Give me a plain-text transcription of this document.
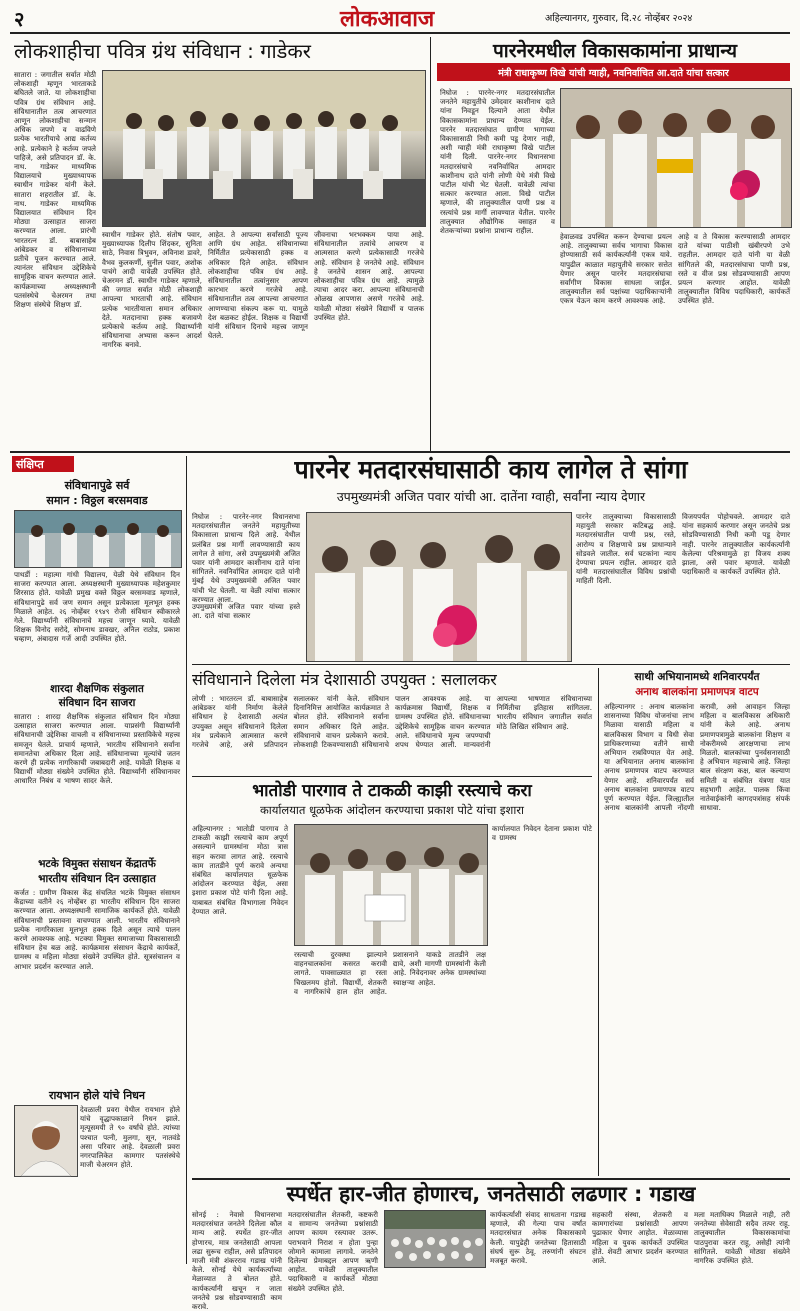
२	लोकआवाज	अहिल्यानगर, गुरुवार, दि.२८ नोव्हेंबर २०२४
लोकशाहीचा पवित्र ग्रंथ संविधान : गाडेकर
सातारा : जगातील सर्वात मोठी लोकशाही म्हणून भारताकडे बघितले जाते. या लोकशाहीचा पवित्र ग्रंथ संविधान आहे. संविधानातील तत्व आचरणात आणून लोकशाहीचा सन्मान अधिक जपणे व वाढविणे प्रत्येक भारतीयाचे आद्य कर्तव्य आहे. प्रत्येकाने हे कर्तव्य जपले पाहिजे, असे प्रतिपादन डॉ. के. नाथ. गाडेकर माध्यमिक विद्यालयाचे मुख्याध्यापक स्वाधीन गाडेकर यांनी केले. सातारा शहरातील डॉ. के. नाथ. गाडेकर माध्यमिक विद्यालयात संविधान दिन मोठ्या उत्साहात साजरा करण्यात आला. प्रारंभी भारतरत्न डॉ. बाबासाहेब आंबेडकर व संविधानाच्या प्रतीचे पूजन करण्यात आले. त्यानंतर संविधान उद्देशिकेचे सामूहिक वाचन करण्यात आले. कार्यक्रमाच्या अध्यक्षस्थानी पतसंस्थेचे चेअरमन तथा शिक्षण संस्थेचे शिक्षण डॉ.
स्वाधीन गाडेकर होते. संतोष पवार, मुख्याध्यापक दिलीप शिंदकर, सुनिता साठे, निवास त्रिभुवन, अविनाश डावरे, वैभव कुलकर्णी, सुनील पवार, अशोक पाचंगे आदी यावेळी उपस्थित होते. चेअरमन डॉ. स्वाधीन गाडेकर म्हणाले, की जगात सर्वात मोठी लोकशाही आपल्या भारताची आहे. संविधान प्रत्येक भारतीयाला समान अधिकार देते. मतदानाचा हक्क बजावणे प्रत्येकाचे कर्तव्य आहे. विद्यार्थ्यांनी संविधानाचा अभ्यास करून आदर्श नागरिक बनावे.
आहेत. ते आपल्या सर्वांसाठी पूज्य आणि ग्रंथ आहेत. संविधानाच्या निर्मितीत प्रत्येकासाठी हक्क व अधिकार दिले आहेत. संविधान लोकशाहीचा पवित्र ग्रंथ आहे. संविधानातील तत्वांनुसार आपण कारभार करणे गरजेचे आहे. संविधानातील तत्व आपल्या आचरणात आणण्याचा संकल्प करू या. यामुळे देश बळकट होईल. शिक्षक व विद्यार्थी यांनी संविधान दिनाचे महत्त्व जाणून घेतले.
जीवनाचा भरभक्कम पाया आहे. संविधानातील तत्वांचे आचरण व आत्मसात करणे प्रत्येकासाठी गरजेचे आहे. संविधान हे जनतेचे आहे. संविधान हे जनतेचे शासन आहे. आपल्या लोकशाहीचा पवित्र ग्रंथ आहे. त्यामुळे त्याचा आदर करा. आपल्या संविधानाची ओळख आपणास असणे गरजेचे आहे. यावेळी मोठ्या संख्येने विद्यार्थी व पालक उपस्थित होते.
पारनेरमधील विकासकामांना प्राधान्य
मंत्री राधाकृष्ण विखे यांची ग्वाही, नवनिर्वाचित आ.दाते यांचा सत्कार
निघोज : पारनेर-नगर मतदारसंघातील जनतेने महायुतीचे उमेदवार काशीनाथ दाते यांना निवडून दिल्याने आता येथील विकासकामांना प्राधान्य देण्यात येईल. पारनेर मतदारसंघात ग्रामीण भागाच्या विकासासाठी निधी कमी पडू देणार नाही, अशी ग्वाही मंत्री राधाकृष्ण विखे पाटील यांनी दिली. पारनेर-नगर विधानसभा मतदारसंघाचे नवनिर्वाचित आमदार काशीनाथ दाते यांनी लोणी येथे मंत्री विखे पाटील यांची भेट घेतली. यावेळी त्यांचा सत्कार करण्यात आला. विखे पाटील म्हणाले, की तालुक्यातील पाणी प्रश्न व रस्त्यांचे प्रश्न मार्गी लावण्यात येतील. पारनेर तालुक्यात औद्योगिक वसाहत व शेतकऱ्यांच्या प्रश्नांना प्राधान्य राहील.
हेवाळवड उपस्थित करून देण्याचा प्रयत्न आहे. तालुक्याच्या सर्वच भागाचा विकास होण्यासाठी सर्व कार्यकर्त्यांनी एकत्र यावे. यापुढील काळात महायुतीचे सरकार सत्तेत येणार असून पारनेर मतदारसंघाचा सर्वांगीण विकास साधला जाईल. तालुक्यातील सर्व पक्षांच्या पदाधिकाऱ्यांनी एकत्र येऊन काम करणे आवश्यक आहे.
आहे व ते विकास करण्यासाठी आमदार दाते यांच्या पाठीशी खंबीरपणे उभे राहतील. आमदार दाते यांनी या वेळी सांगितले की, मतदारसंघाचा पाणी प्रश्न, रस्ते व वीज प्रश्न सोडवण्यासाठी आपण प्रयत्न करणार आहोत. यावेळी तालुक्यातील विविध पदाधिकारी, कार्यकर्ते उपस्थित होते.
संक्षिप्त
संविधानापुढे सर्व
समान : विठ्ठल बरसमवाड
पाथर्डी : महात्मा गांधी विद्यालय, येळी येथे संविधान दिन साजरा करण्यात आला. अध्यक्षस्थानी मुख्याध्यापक महेशकुमार शिरसाठ होते. यावेळी प्रमुख वक्ते विठ्ठल बरसमवाड म्हणाले, संविधानापुढे सर्व जण समान असून प्रत्येकाला मूलभूत हक्क मिळाले आहेत. २६ नोव्हेंबर १९४९ रोजी संविधान स्वीकारले गेले. विद्यार्थ्यांनी संविधानाचे महत्त्व जाणून घ्यावे. यावेळी शिक्षक विनोद सरोदे, सोमनाथ डावखर, अनिल राठोड, प्रकाश चव्हाण, अंबादास गर्जे आदी उपस्थित होते.
शारदा शैक्षणिक संकुलात
संविधान दिन साजरा
सातारा : शारदा शैक्षणिक संकुलात संविधान दिन मोठ्या उत्साहात साजरा करण्यात आला. याप्रसंगी विद्यार्थ्यांनी संविधानाची उद्देशिका वाचली व संविधानाच्या प्रस्ताविकेचे महत्त्व समजून घेतले. प्राचार्य म्हणाले, भारतीय संविधानाने सर्वांना समानतेचा अधिकार दिला आहे. संविधानाच्या मूल्यांचे जतन करणे ही प्रत्येक नागरिकाची जबाबदारी आहे. यावेळी शिक्षक व विद्यार्थी मोठ्या संख्येने उपस्थित होते. विद्यार्थ्यांनी संविधानावर आधारित निबंध व भाषण सादर केले.
भटके विमुक्त संसाधन केंद्रातर्फे
भारतीय संविधान दिन उत्साहात
कर्जत : ग्रामीण विकास केंद्र संचलित भटके विमुक्त संसाधन केंद्राच्या वतीने २६ नोव्हेंबर हा भारतीय संविधान दिन साजरा करण्यात आला. अध्यक्षस्थानी सामाजिक कार्यकर्ते होते. यावेळी संविधानाची प्रस्तावना वाचण्यात आली. भारतीय संविधानाने प्रत्येक नागरिकाला मूलभूत हक्क दिले असून त्याचे पालन करणे आवश्यक आहे. भटक्या विमुक्त समाजाच्या विकासासाठी संविधान हेच बळ आहे. कार्यक्रमास संसाधन केंद्राचे कार्यकर्ते, ग्रामस्थ व महिला मोठ्या संख्येने उपस्थित होते. सूत्रसंचालन व आभार प्रदर्शन करण्यात आले.
रायभान होले यांचे निधन
देवळाली प्रवरा येथील रायभान होले यांचे वृद्धापकाळाने निधन झाले. मृत्यूसमयी ते ९० वर्षांचे होते. त्यांच्या पश्चात पत्नी, मुलगा, सून, नातवंडे असा परिवार आहे. देवळाली प्रवरा नगरपालिकेत कामगार पतसंस्थेचे माजी चेअरमन होते.
पारनेर मतदारसंघासाठी काय लागेल ते सांगा
उपमुख्यमंत्री अजित पवार यांची आ. दातेंना ग्वाही, सर्वांना न्याय देणार
निघोज : पारनेर-नगर विधानसभा मतदारसंघातील जनतेने महायुतीच्या विकासाला प्राधान्य दिले आहे. येथील प्रलंबित प्रश्न मार्गी लावण्यासाठी काय लागेल ते सांगा, असे उपमुख्यमंत्री अजित पवार यांनी आमदार काशीनाथ दाते यांना सांगितले. नवनिर्वाचित आमदार दाते यांनी मुंबई येथे उपमुख्यमंत्री अजित पवार यांची भेट घेतली. या वेळी त्यांचा सत्कार करण्यात आला.
पारनेर तालुक्याच्या विकासासाठी महायुती सरकार कटिबद्ध आहे. मतदारसंघातील पाणी प्रश्न, रस्ते, आरोग्य व शिक्षणाचे प्रश्न प्राधान्याने सोडवले जातील. सर्व घटकांना न्याय देण्याचा प्रयत्न राहील. आमदार दाते यांनी मतदारसंघातील विविध प्रश्नांची माहिती दिली.
विजयपर्यंत पोहोचवले. आमदार दाते यांना सहकार्य करणार असून जनतेचे प्रश्न सोडविण्यासाठी निधी कमी पडू देणार नाही. पारनेर तालुक्यातील कार्यकर्त्यांनी केलेल्या परिश्रमामुळे हा विजय शक्य झाला, असे पवार म्हणाले. यावेळी पदाधिकारी व कार्यकर्ते उपस्थित होते.
उपमुख्यमंत्री अजित पवार यांच्या हस्ते आ. दाते यांचा सत्कार
संविधानाने दिलेला मंत्र देशासाठी उपयुक्त : सलालकर
लोणी : भारतरत्न डॉ. बाबासाहेब आंबेडकर यांनी निर्माण केलेले संविधान हे देशासाठी अत्यंत उपयुक्त असून संविधानाने दिलेला मंत्र प्रत्येकाने आत्मसात करणे गरजेचे आहे, असे प्रतिपादन सलालकर यांनी केले. संविधान दिनानिमित्त आयोजित कार्यक्रमात ते बोलत होते. संविधानाने सर्वांना समान अधिकार दिले आहेत. संविधानाचे वाचन प्रत्येकाने करावे. लोकशाही टिकवण्यासाठी संविधानाचे पालन आवश्यक आहे. या कार्यक्रमास विद्यार्थी, शिक्षक व ग्रामस्थ उपस्थित होते. संविधानाच्या उद्देशिकेचे सामूहिक वाचन करण्यात आले. संविधानाचे मूल्य जपण्याची शपथ घेण्यात आली. मान्यवरांनी आपल्या भाषणात संविधानाच्या निर्मितीचा इतिहास सांगितला. भारतीय संविधान जगातील सर्वात मोठे लिखित संविधान आहे.
साथी अभियानामध्ये शनिवारपर्यंत
अनाथ बालकांना प्रमाणपत्र वाटप
अहिल्यानगर : अनाथ बालकांना शासनाच्या विविध योजनांचा लाभ मिळावा यासाठी महिला व बालविकास विभाग व विधी सेवा प्राधिकरणाच्या वतीने साथी अभियान राबविण्यात येत आहे. या अभियानात अनाथ बालकांना अनाथ प्रमाणपत्र वाटप करण्यात येणार आहे. शनिवारपर्यंत सर्व अनाथ बालकांना प्रमाणपत्र वाटप पूर्ण करण्यात येईल. जिल्ह्यातील अनाथ बालकांनी आपली नोंदणी करावी, असे आवाहन जिल्हा महिला व बालविकास अधिकारी यांनी केले आहे. अनाथ प्रमाणपत्रामुळे बालकांना शिक्षण व नोकरीमध्ये आरक्षणाचा लाभ मिळतो. बालकांच्या पुनर्वसनासाठी हे अभियान महत्त्वाचे आहे. जिल्हा बाल संरक्षण कक्ष, बाल कल्याण समिती व संबंधित यंत्रणा यात सहभागी आहेत. पालक किंवा नातेवाईकांनी कागदपत्रांसह संपर्क साधावा.
भातोडी पारगाव ते टाकळी काझी रस्त्याचे करा
कार्यालयात धूळफेक आंदोलन करण्याचा प्रकाश पोटे यांचा इशारा
अहिल्यानगर : भातोडी पारगाव ते टाकळी काझी रस्त्याचे काम अपूर्ण असल्याने ग्रामस्थांना मोठा त्रास सहन करावा लागत आहे. रस्त्याचे काम तातडीने पूर्ण करावे अन्यथा संबंधित कार्यालयात धूळफेक आंदोलन करण्यात येईल, असा इशारा प्रकाश पोटे यांनी दिला आहे. याबाबत संबंधित विभागाला निवेदन देण्यात आले.
रस्त्याची दुरवस्था झाल्याने वाहनचालकांना कसरत करावी लागते. पावसाळ्यात हा रस्ता चिखलमय होतो. विद्यार्थी, शेतकरी व नागरिकांचे हाल होत आहेत. प्रशासनाने याकडे तातडीने लक्ष द्यावे, अशी मागणी ग्रामस्थांनी केली आहे. निवेदनावर अनेक ग्रामस्थांच्या स्वाक्षऱ्या आहेत.
कार्यालयात निवेदन देताना प्रकाश पोटे व ग्रामस्थ
स्पर्धेत हार-जीत होणारच, जनतेसाठी लढणार : गडाख
सोनई : नेवासे विधानसभा मतदारसंघात जनतेने दिलेला कौल मान्य आहे. स्पर्धेत हार-जीत होणारच, मात्र जनतेसाठी आपला लढा सुरूच राहील, असे प्रतिपादन माजी मंत्री शंकरराव गडाख यांनी केले. सोनई येथे कार्यकर्त्यांच्या मेळाव्यात ते बोलत होते. कार्यकर्त्यांनी खचून न जाता जनतेचे प्रश्न सोडवण्यासाठी काम करावे.
मतदारसंघातील शेतकरी, कष्टकरी व सामान्य जनतेच्या प्रश्नांसाठी आपण कायम रस्त्यावर उतरू. पराभवाने निराश न होता पुन्हा जोमाने कामाला लागावे. जनतेने दिलेल्या प्रेमाबद्दल आपण ऋणी आहोत. यावेळी तालुक्यातील पदाधिकारी व कार्यकर्ते मोठ्या संख्येने उपस्थित होते.
कार्यकर्त्यांशी संवाद साधताना गडाख म्हणाले, की गेल्या पाच वर्षांत मतदारसंघात अनेक विकासकामे केली. यापुढेही जनतेच्या हितासाठी संघर्ष सुरू ठेवू. तरुणांनी संघटन मजबूत करावे.
सहकारी संस्था, शेतकरी व कामगारांच्या प्रश्नांसाठी आपण पुढाकार घेणार आहोत. मेळाव्यास महिला व युवक कार्यकर्ते उपस्थित होते. शेवटी आभार प्रदर्शन करण्यात आले.
मला मताधिक्य मिळाले नाही, तरी जनतेच्या सेवेसाठी सदैव तत्पर राहू. तालुक्यातील विकासकामांचा पाठपुरावा करत राहू, असेही त्यांनी सांगितले. यावेळी मोठ्या संख्येने नागरिक उपस्थित होते.
